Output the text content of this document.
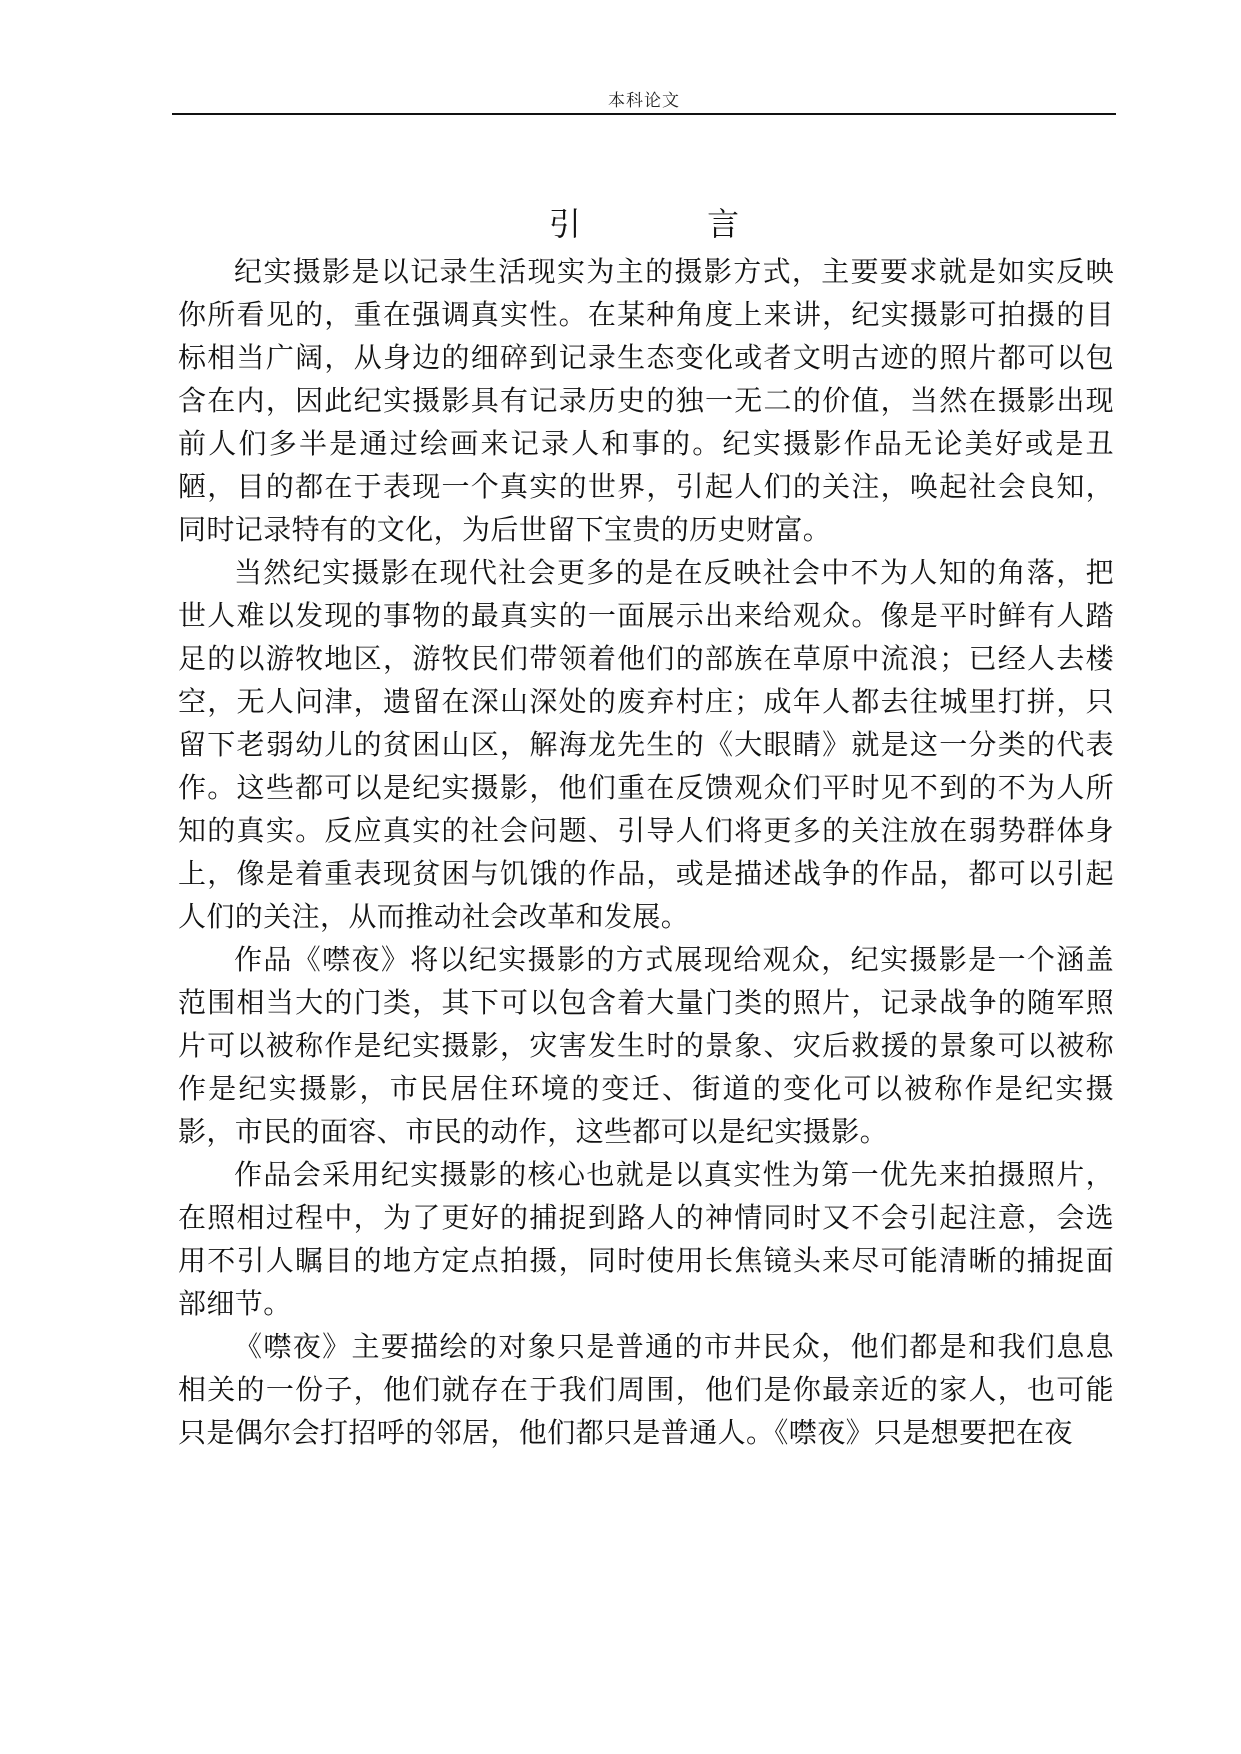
本科论文
引 言

纪实摄影是以记录生活现实为主的摄影方式，主要要求就是如实反映你所看见的，重在强调真实性。在某种角度上来讲，纪实摄影可拍摄的目标相当广阔，从身边的细碎到记录生态变化或者文明古迹的照片都可以包含在内，因此纪实摄影具有记录历史的独一无二的价值，当然在摄影出现前人们多半是通过绘画来记录人和事的。纪实摄影作品无论美好或是丑陋，目的都在于表现一个真实的世界，引起人们的关注，唤起社会良知，同时记录特有的文化，为后世留下宝贵的历史财富。

当然纪实摄影在现代社会更多的是在反映社会中不为人知的角落，把世人难以发现的事物的最真实的一面展示出来给观众。像是平时鲜有人踏足的以游牧地区，游牧民们带领着他们的部族在草原中流浪；已经人去楼空，无人问津，遗留在深山深处的废弃村庄；成年人都去往城里打拼，只留下老弱幼儿的贫困山区，解海龙先生的《大眼睛》就是这一分类的代表作。这些都可以是纪实摄影，他们重在反馈观众们平时见不到的不为人所知的真实。反应真实的社会问题、引导人们将更多的关注放在弱势群体身上，像是着重表现贫困与饥饿的作品，或是描述战争的作品，都可以引起人们的关注，从而推动社会改革和发展。

作品《噤夜》将以纪实摄影的方式展现给观众，纪实摄影是一个涵盖范围相当大的门类，其下可以包含着大量门类的照片，记录战争的随军照片可以被称作是纪实摄影，灾害发生时的景象、灾后救援的景象可以被称作是纪实摄影，市民居住环境的变迁、街道的变化可以被称作是纪实摄影，市民的面容、市民的动作，这些都可以是纪实摄影。

作品会采用纪实摄影的核心也就是以真实性为第一优先来拍摄照片，在照相过程中，为了更好的捕捉到路人的神情同时又不会引起注意，会选用不引人瞩目的地方定点拍摄，同时使用长焦镜头来尽可能清晰的捕捉面部细节。

《噤夜》主要描绘的对象只是普通的市井民众，他们都是和我们息息相关的一份子，他们就存在于我们周围，他们是你最亲近的家人，也可能只是偶尔会打招呼的邻居，他们都只是普通人。《噤夜》只是想要把在夜
